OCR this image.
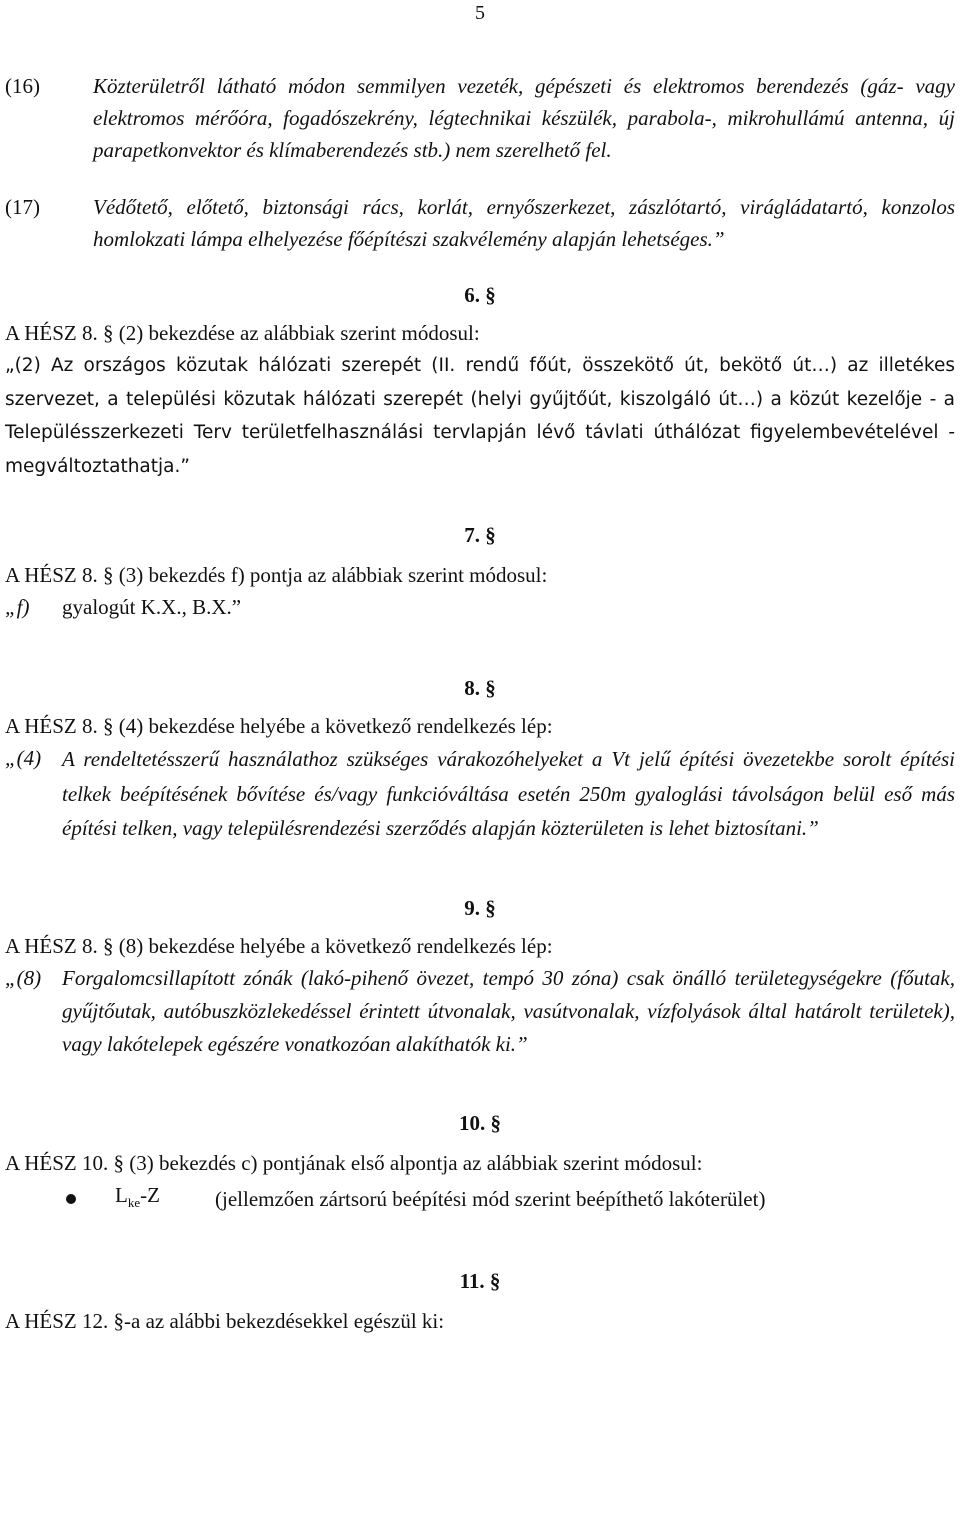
5
(16)	Közterületről látható módon semmilyen vezeték, gépészeti és elektromos berendezés (gáz- vagy elektromos mérőóra, fogadószekrény, légtechnikai készülék, parabola-, mikrohullámú antenna, új parapetkonvektor és klímaberendezés stb.) nem szerelhető fel.
(17)	Védőtető, előtető, biztonsági rács, korlát, ernyőszerkezet, zászlótartó, virágládatartó, konzolos homlokzati lámpa elhelyezése főépítészi szakvélemény alapján lehetséges.”
6. §
A HÉSZ 8. § (2) bekezdése az alábbiak szerint módosul:
„(2) Az országos közutak hálózati szerepét (II. rendű főút, összekötő út, bekötő út…) az illetékes szervezet, a települési közutak hálózati szerepét (helyi gyűjtőút, kiszolgáló út…) a közút kezelője - a Településszerkezeti Terv területfelhasználási tervlapján lévő távlati úthálózat figyelembevételével - megváltoztathatja.”
7. §
A HÉSZ 8. § (3) bekezdés f) pontja az alábbiak szerint módosul:
„f)	gyalogút K.X., B.X.”
8. §
A HÉSZ 8. § (4) bekezdése helyébe a következő rendelkezés lép:
„(4) A rendeltetésszerű használathoz szükséges várakozóhelyeket a Vt jelű építési övezetekbe sorolt építési telkek beépítésének bővítése és/vagy funkcióváltása esetén 250m gyaloglási távolságon belül eső más építési telken, vagy településrendezési szerződés alapján közterületen is lehet biztosítani.”
9. §
A HÉSZ 8. § (8) bekezdése helyébe a következő rendelkezés lép:
„(8) Forgalomcsillapított zónák (lakó-pihenő övezet, tempó 30 zóna) csak önálló területegységekre (főutak, gyűjtőutak, autóbuszközlekedéssel érintett útvonalak, vasútvonalak, vízfolyások által határolt területek), vagy lakótelepek egészére vonatkozóan alakíthatók ki.”
10. §
A HÉSZ 10. § (3) bekezdés c) pontjának első alpontja az alábbiak szerint módosul:
$L_{ke}-Z$	(jellemzően zártsorú beépítési mód szerint beépíthető lakóterület)
11. §
A HÉSZ 12. §-a az alábbi bekezdésekkel egészül ki:
